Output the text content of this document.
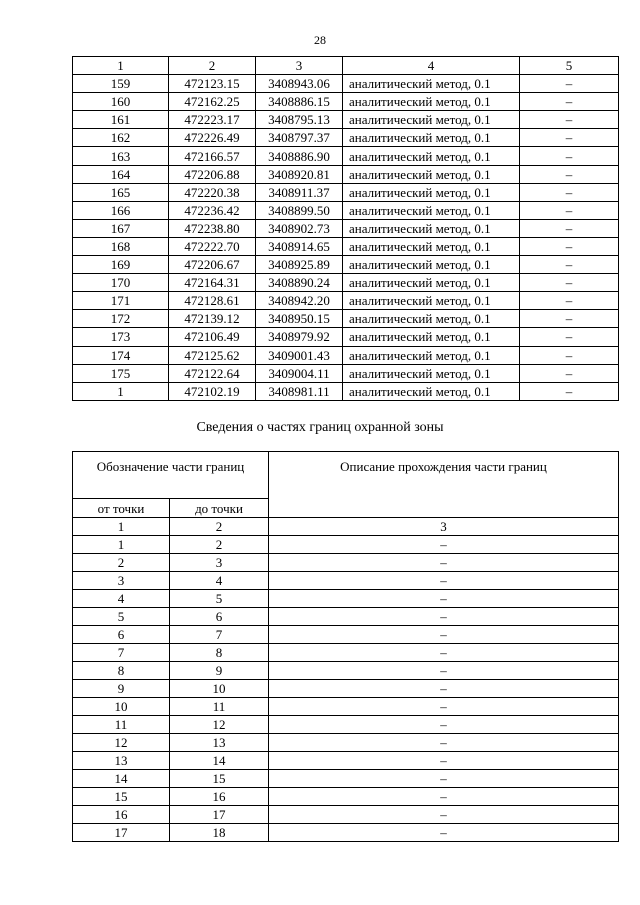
28
1	2	3	4	5
159	472123.15	3408943.06	аналитический метод, 0.1	–
160	472162.25	3408886.15	аналитический метод, 0.1	–
161	472223.17	3408795.13	аналитический метод, 0.1	–
162	472226.49	3408797.37	аналитический метод, 0.1	–
163	472166.57	3408886.90	аналитический метод, 0.1	–
164	472206.88	3408920.81	аналитический метод, 0.1	–
165	472220.38	3408911.37	аналитический метод, 0.1	–
166	472236.42	3408899.50	аналитический метод, 0.1	–
167	472238.80	3408902.73	аналитический метод, 0.1	–
168	472222.70	3408914.65	аналитический метод, 0.1	–
169	472206.67	3408925.89	аналитический метод, 0.1	–
170	472164.31	3408890.24	аналитический метод, 0.1	–
171	472128.61	3408942.20	аналитический метод, 0.1	–
172	472139.12	3408950.15	аналитический метод, 0.1	–
173	472106.49	3408979.92	аналитический метод, 0.1	–
174	472125.62	3409001.43	аналитический метод, 0.1	–
175	472122.64	3409004.11	аналитический метод, 0.1	–
1	472102.19	3408981.11	аналитический метод, 0.1	–
Сведения о частях границ охранной зоны
Обозначение части границ		Описание прохождения части границ
от точки	до точки	
1	2	3
1	2	–
2	3	–
3	4	–
4	5	–
5	6	–
6	7	–
7	8	–
8	9	–
9	10	–
10	11	–
11	12	–
12	13	–
13	14	–
14	15	–
15	16	–
16	17	–
17	18	–
